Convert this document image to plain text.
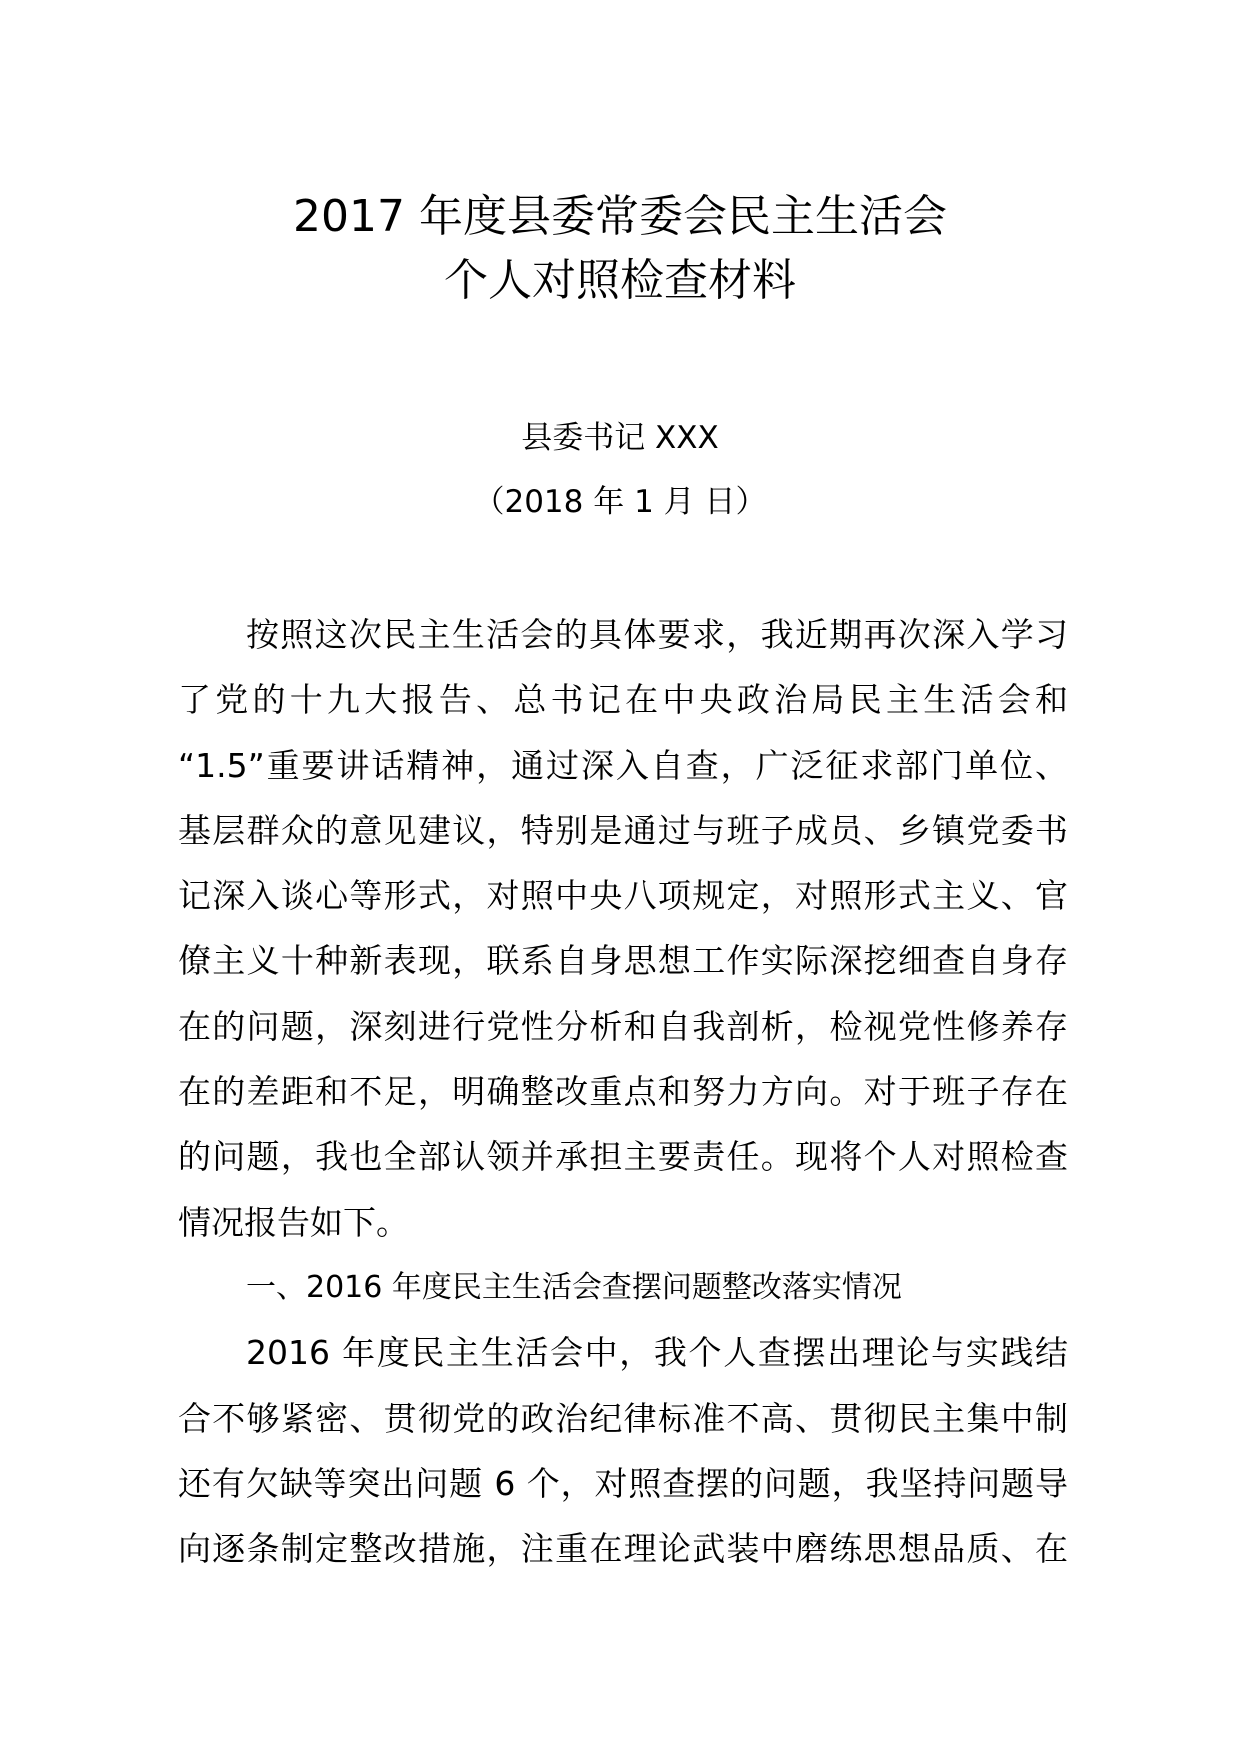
2017 年度县委常委会民主生活会
个人对照检查材料
县委书记 XXX
（2018 年 1 月 日）
按照这次民主生活会的具体要求，我近期再次深入学习
了党的十九大报告、总书记在中央政治局民主生活会和
“1.5”重要讲话精神，通过深入自查，广泛征求部门单位、
基层群众的意见建议，特别是通过与班子成员、乡镇党委书
记深入谈心等形式，对照中央八项规定，对照形式主义、官
僚主义十种新表现，联系自身思想工作实际深挖细查自身存
在的问题，深刻进行党性分析和自我剖析，检视党性修养存
在的差距和不足，明确整改重点和努力方向。对于班子存在
的问题，我也全部认领并承担主要责任。现将个人对照检查
情况报告如下。
一、2016 年度民主生活会查摆问题整改落实情况
2016 年度民主生活会中，我个人查摆出理论与实践结
合不够紧密、贯彻党的政治纪律标准不高、贯彻民主集中制
还有欠缺等突出问题 6 个，对照查摆的问题，我坚持问题导
向逐条制定整改措施，注重在理论武装中磨练思想品质、在
